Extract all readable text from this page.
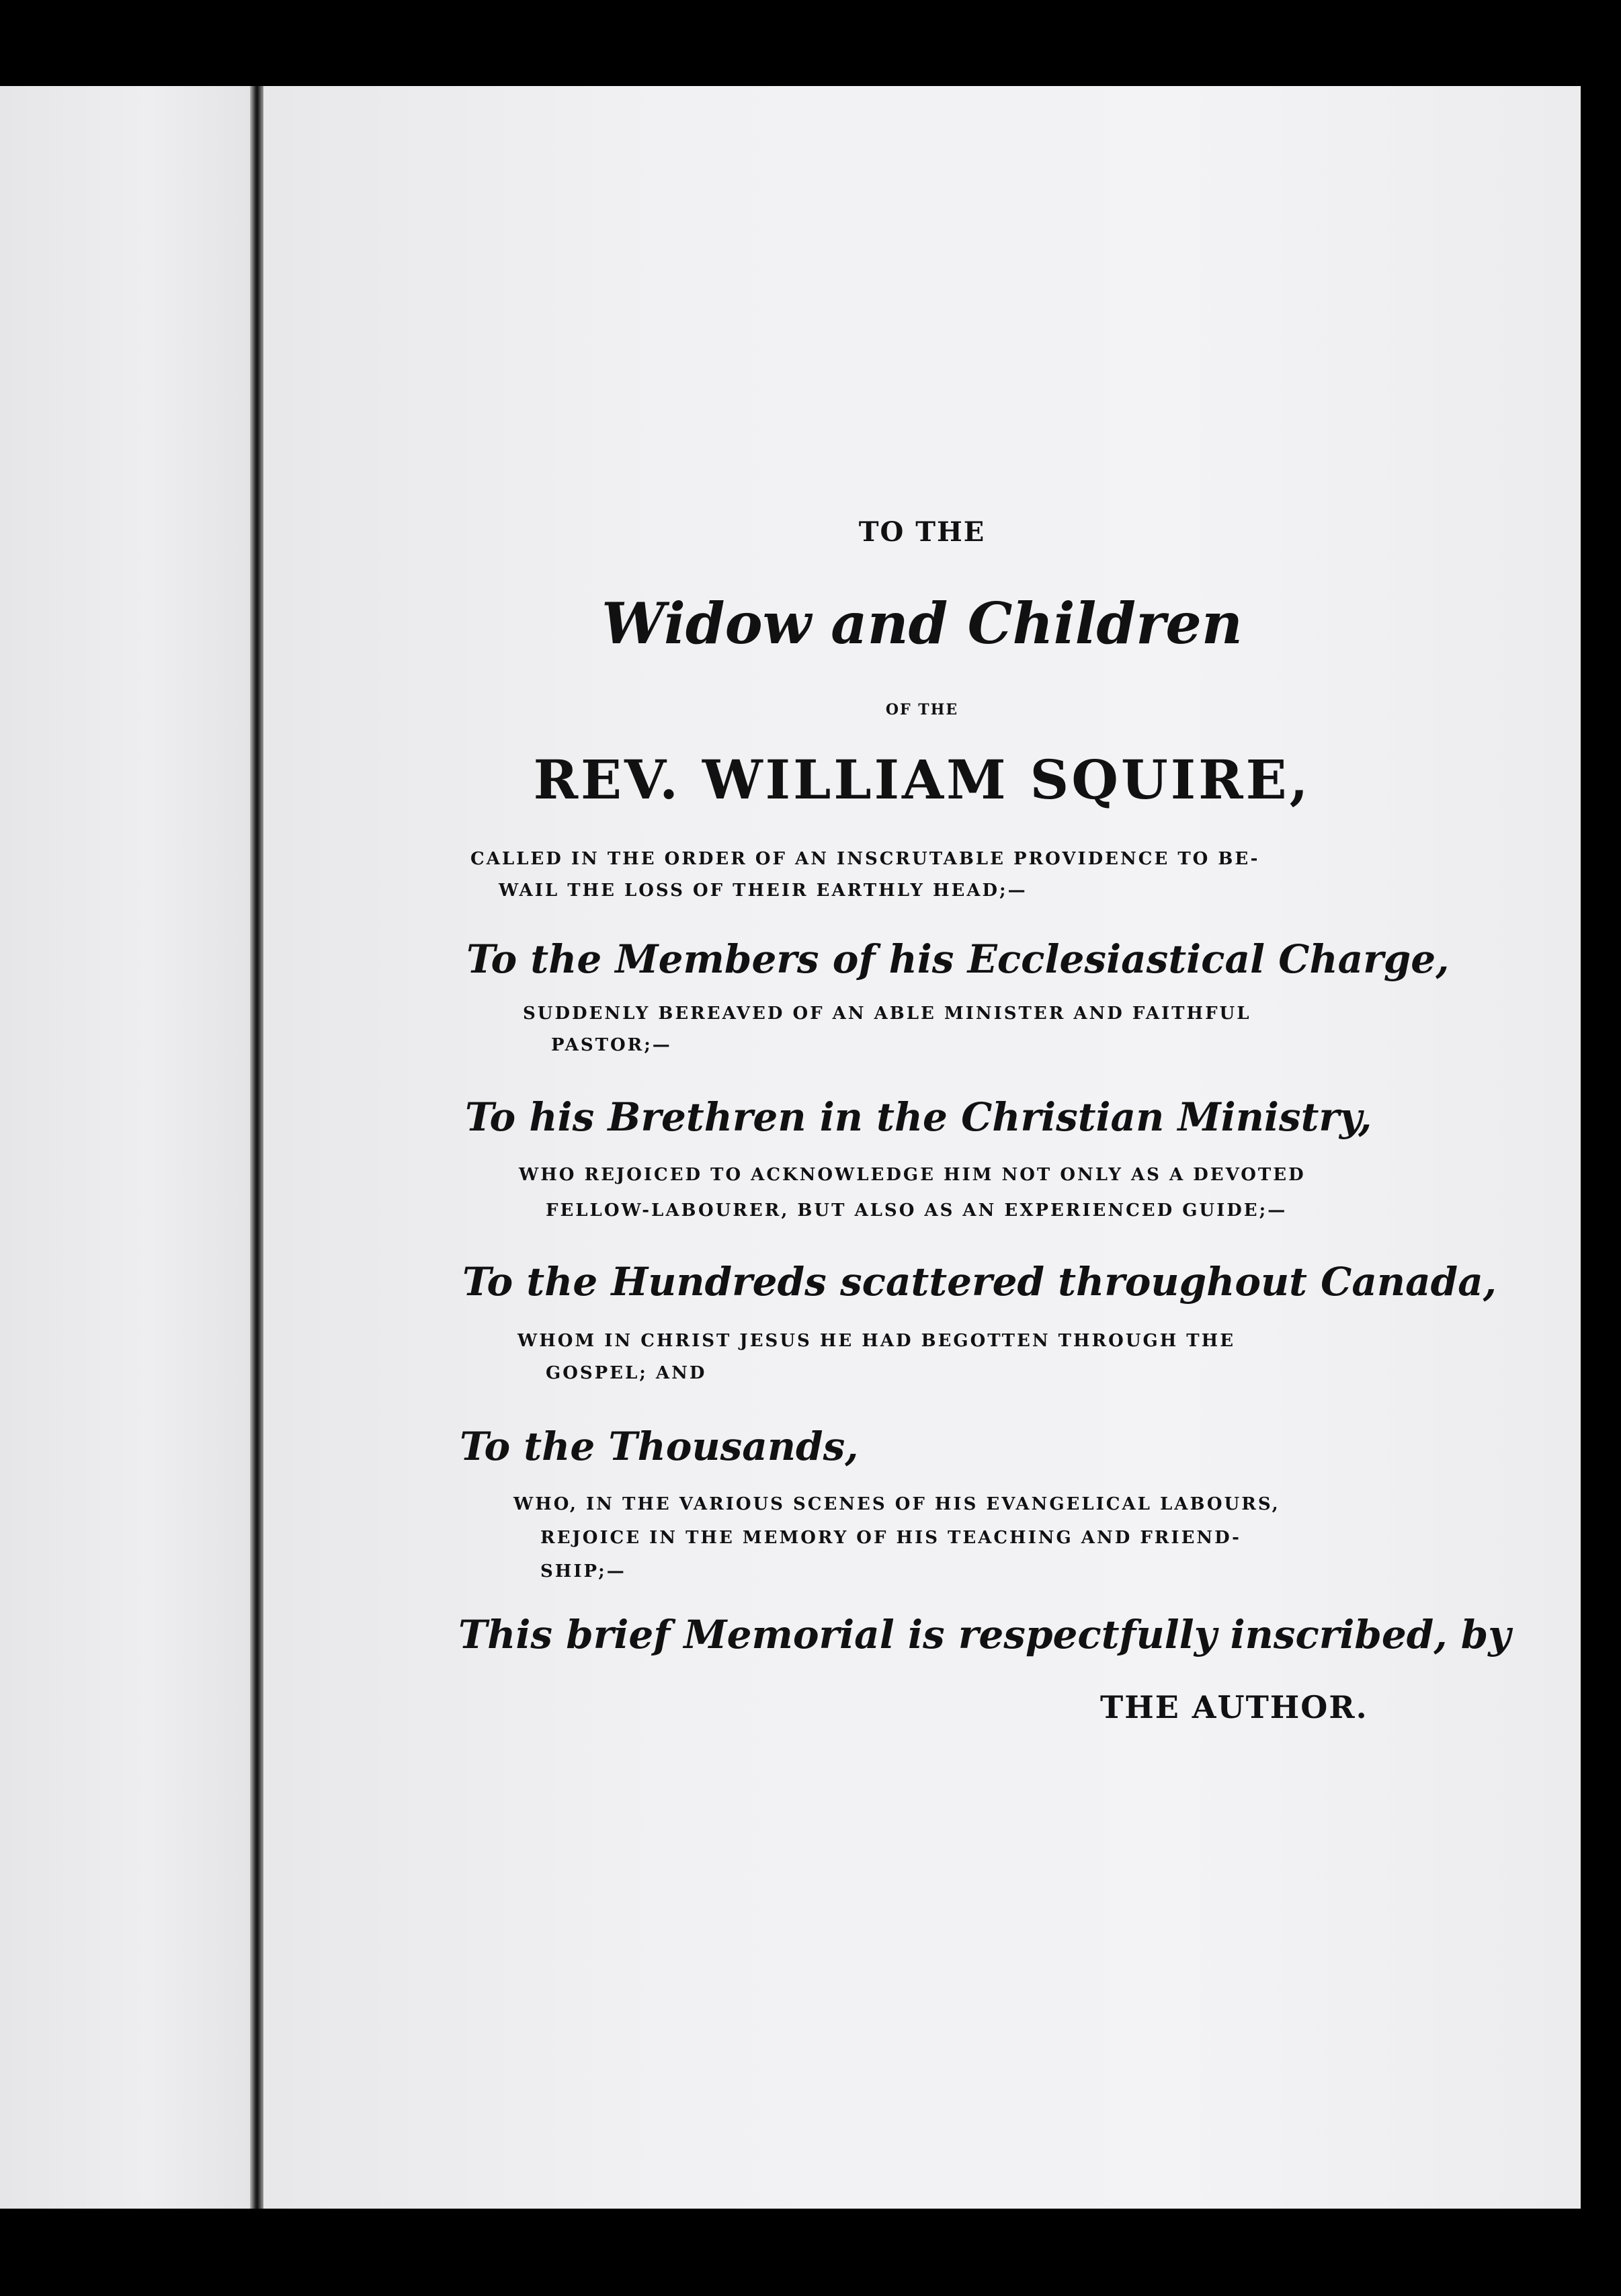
TO THE
Widow and Children
OF THE
REV. WILLIAM SQUIRE,
CALLED IN THE ORDER OF AN INSCRUTABLE PROVIDENCE TO BE-
WAIL THE LOSS OF THEIR EARTHLY HEAD;—
To the Members of his Ecclesiastical Charge,
SUDDENLY BEREAVED OF AN ABLE MINISTER AND FAITHFUL
PASTOR;—
To his Brethren in the Christian Ministry,
WHO REJOICED TO ACKNOWLEDGE HIM NOT ONLY AS A DEVOTED
FELLOW-LABOURER, BUT ALSO AS AN EXPERIENCED GUIDE;—
To the Hundreds scattered throughout Canada,
WHOM IN CHRIST JESUS HE HAD BEGOTTEN THROUGH THE
GOSPEL; AND
To the Thousands,
WHO, IN THE VARIOUS SCENES OF HIS EVANGELICAL LABOURS,
REJOICE IN THE MEMORY OF HIS TEACHING AND FRIEND-
SHIP;—
This brief Memorial is respectfully inscribed, by
THE AUTHOR.
